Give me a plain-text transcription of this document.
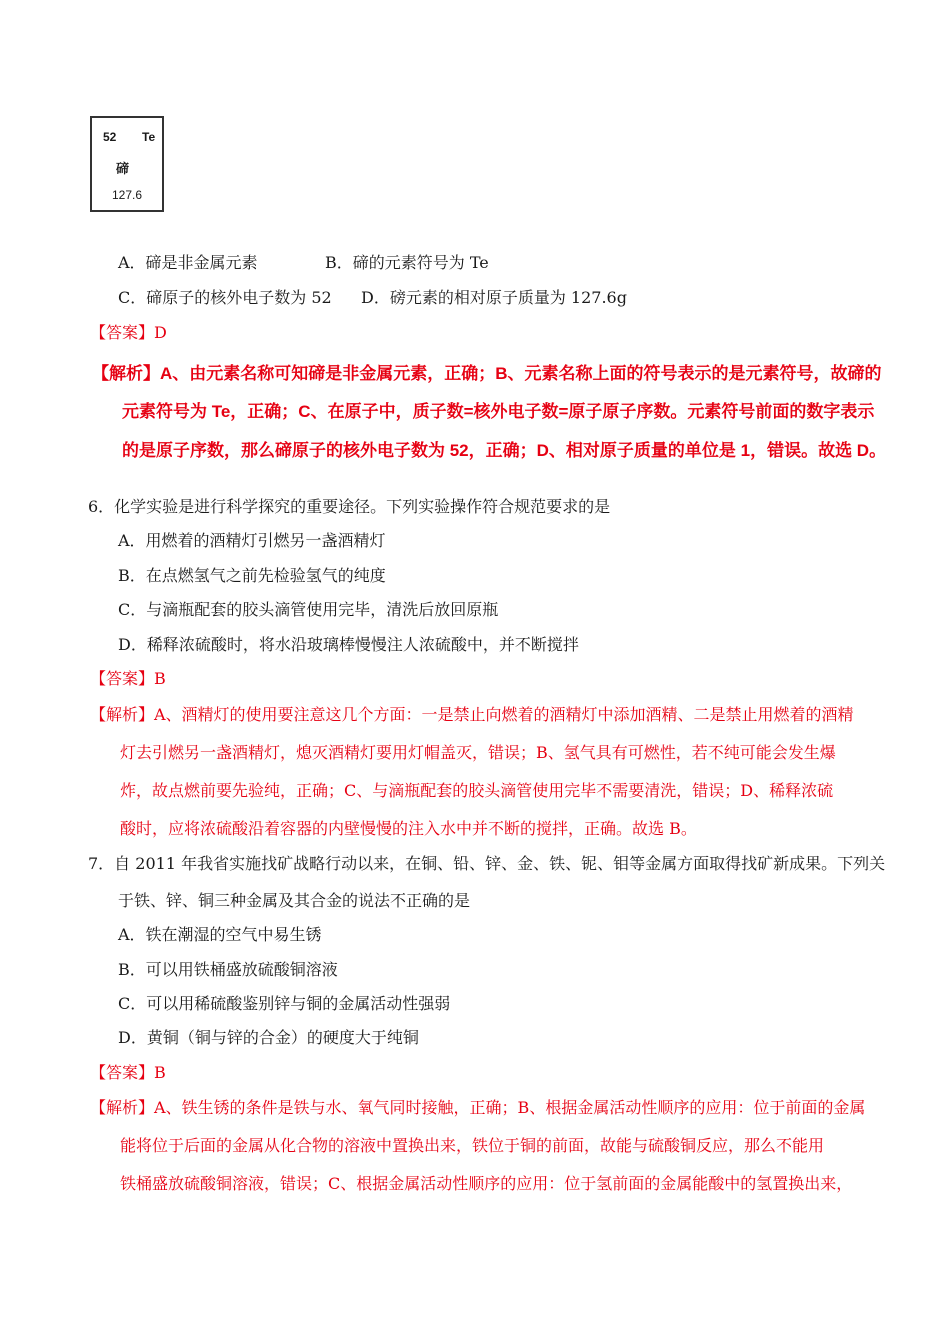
52 Te
碲
127.6
A．碲是非金属元素	B．碲的元素符号为 Te
C．碲原子的核外电子数为 52 D．磅元素的相对原子质量为 127.6g
【答案】D
【解析】A、由元素名称可知碲是非金属元素，正确；B、元素名称上面的符号表示的是元素符号，故碲的
元素符号为 Te，正确；C、在原子中，质子数=核外电子数=原子原子序数。元素符号前面的数字表示
的是原子序数，那么碲原子的核外电子数为 52，正确；D、相对原子质量的单位是 1，错误。故选 D。
6．化学实验是进行科学探究的重要途径。下列实验操作符合规范要求的是
A．用燃着的酒精灯引燃另一盏酒精灯
B．在点燃氢气之前先检验氢气的纯度
C．与滴瓶配套的胶头滴管使用完毕，清洗后放回原瓶
D．稀释浓硫酸时，将水沿玻璃棒慢慢注人浓硫酸中，并不断搅拌
【答案】B
【解析】A、酒精灯的使用要注意这几个方面：一是禁止向燃着的酒精灯中添加酒精、二是禁止用燃着的酒精
灯去引燃另一盏酒精灯，熄灭酒精灯要用灯帽盖灭，错误；B、氢气具有可燃性，若不纯可能会发生爆
炸，故点燃前要先验纯，正确；C、与滴瓶配套的胶头滴管使用完毕不需要清洗，错误；D、稀释浓硫
酸时，应将浓硫酸沿着容器的内壁慢慢的注入水中并不断的搅拌，正确。故选 B。
7．自 2011 年我省实施找矿战略行动以来，在铜、铅、锌、金、铁、铌、钼等金属方面取得找矿新成果。下列关
于铁、锌、铜三种金属及其合金的说法不正确的是
A．铁在潮湿的空气中易生锈
B．可以用铁桶盛放硫酸铜溶液
C．可以用稀硫酸鉴别锌与铜的金属活动性强弱
D．黄铜（铜与锌的合金）的硬度大于纯铜
【答案】B
【解析】A、铁生锈的条件是铁与水、氧气同时接触，正确；B、根据金属活动性顺序的应用：位于前面的金属
能将位于后面的金属从化合物的溶液中置换出来，铁位于铜的前面，故能与硫酸铜反应，那么不能用
铁桶盛放硫酸铜溶液，错误；C、根据金属活动性顺序的应用：位于氢前面的金属能酸中的氢置换出来，
